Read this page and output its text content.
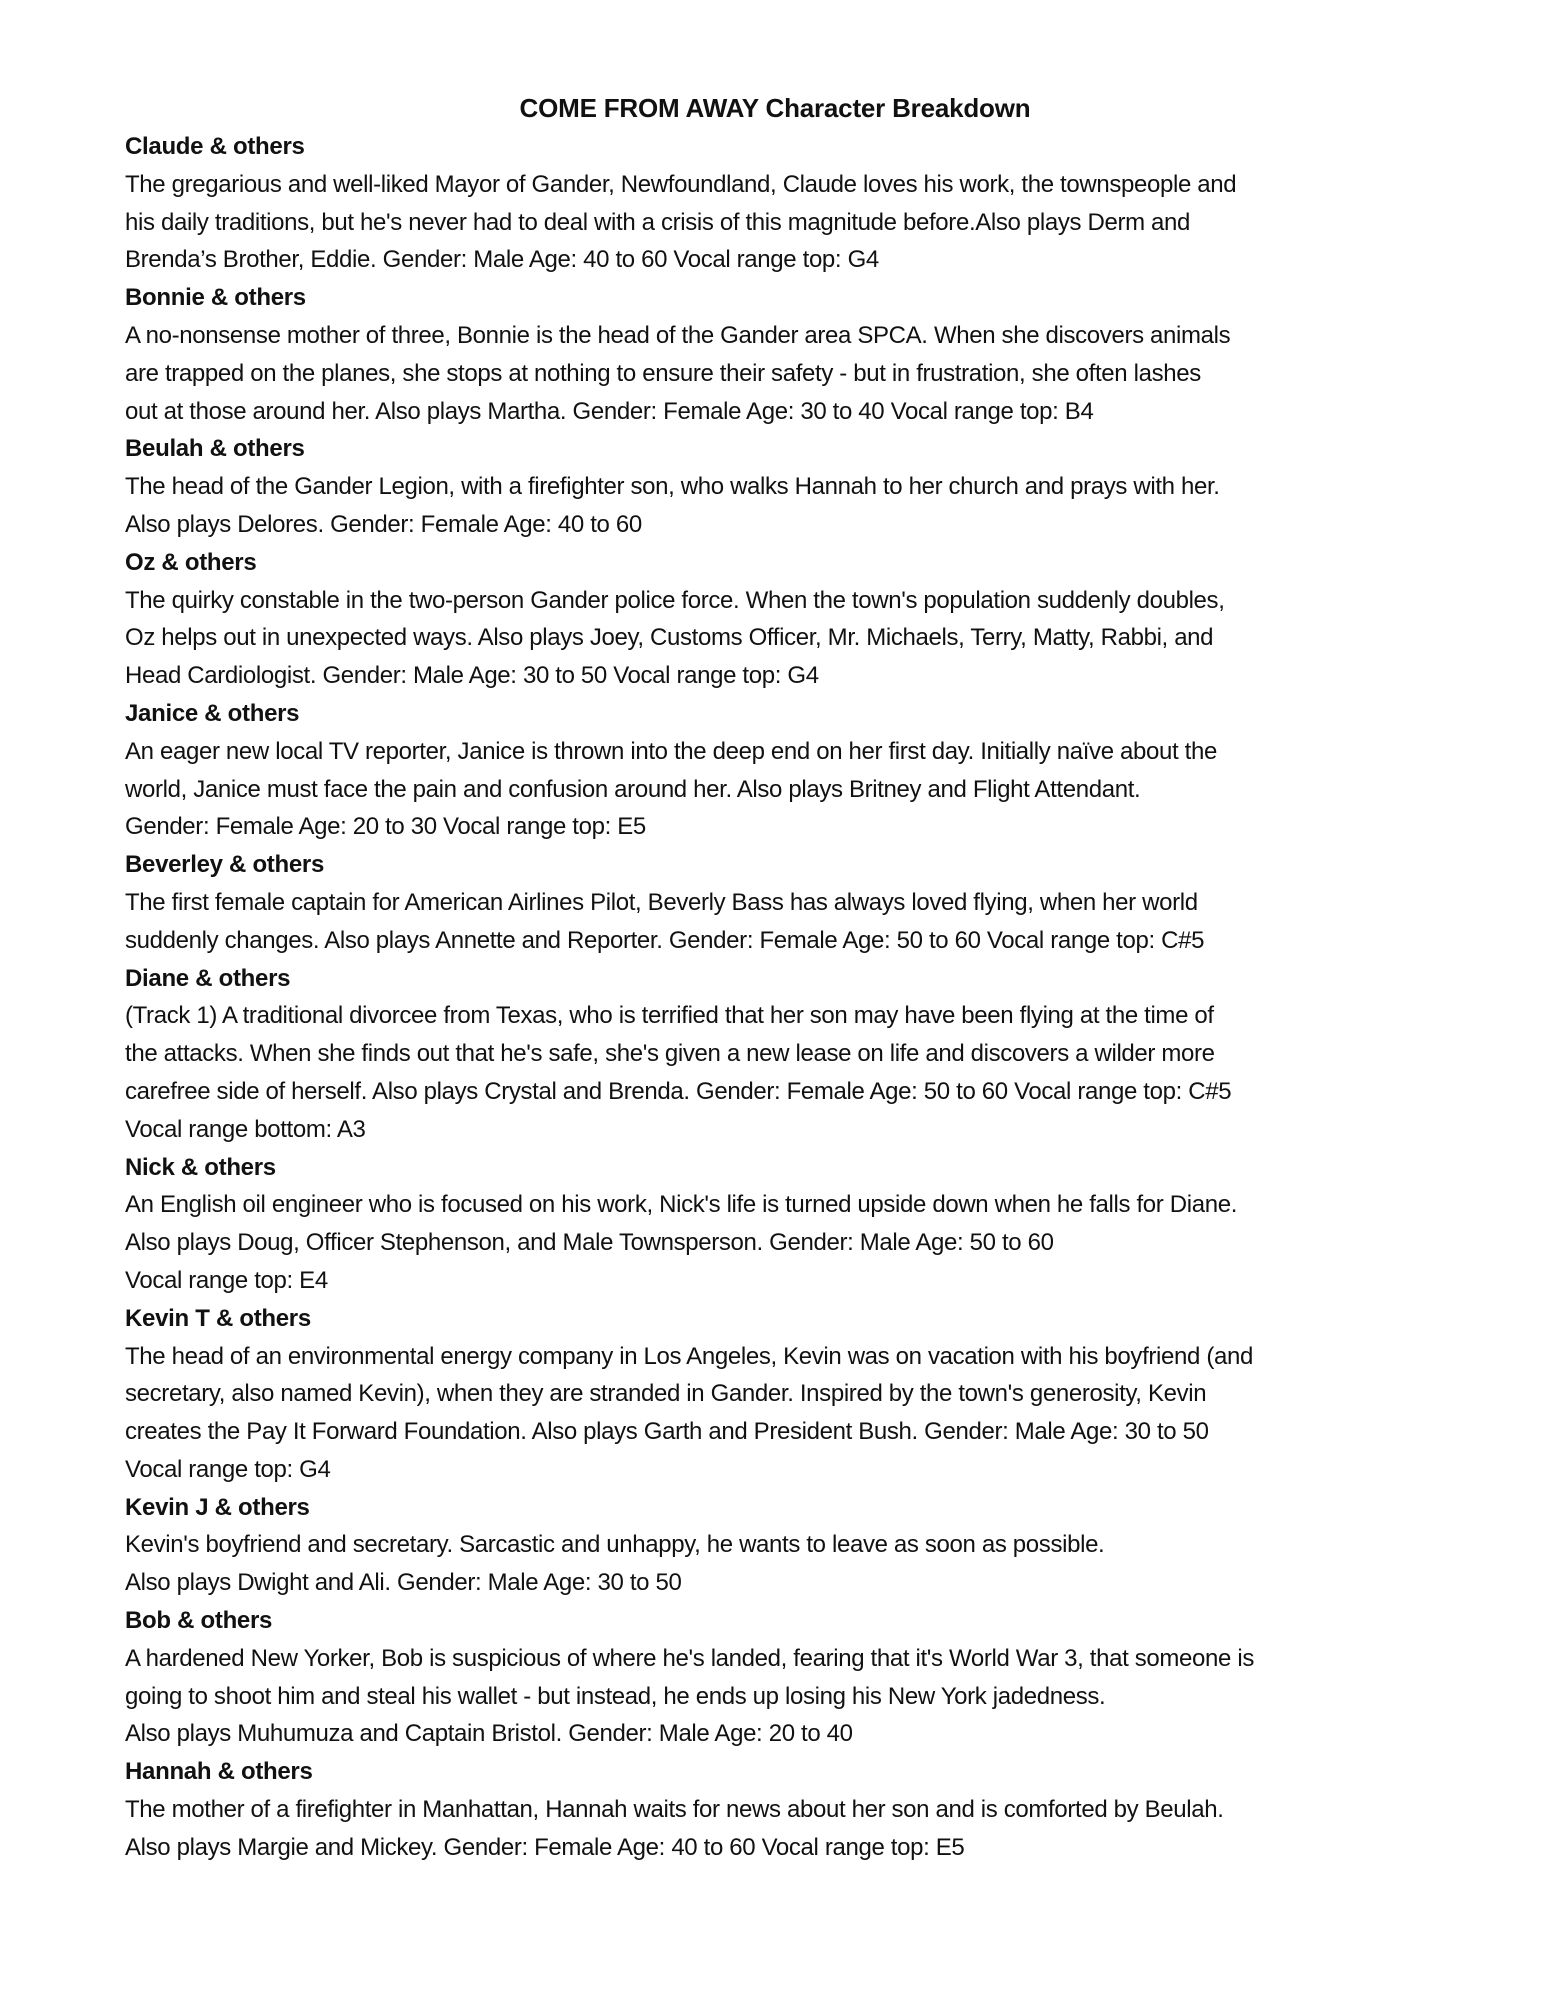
COME FROM AWAY Character Breakdown
Claude & others

The gregarious and well-liked Mayor of Gander, Newfoundland, Claude loves his work, the townspeople and
his daily traditions, but he's never had to deal with a crisis of this magnitude before.Also plays Derm and
Brenda’s Brother, Eddie. Gender: Male Age: 40 to 60 Vocal range top: G4

Bonnie & others

A no-nonsense mother of three, Bonnie is the head of the Gander area SPCA. When she discovers animals
are trapped on the planes, she stops at nothing to ensure their safety - but in frustration, she often lashes
out at those around her. Also plays Martha. Gender: Female Age: 30 to 40 Vocal range top: B4

Beulah & others

The head of the Gander Legion, with a firefighter son, who walks Hannah to her church and prays with her.
Also plays Delores. Gender: Female Age: 40 to 60

Oz & others

The quirky constable in the two-person Gander police force. When the town's population suddenly doubles,
Oz helps out in unexpected ways. Also plays Joey, Customs Officer, Mr. Michaels, Terry, Matty, Rabbi, and
Head Cardiologist. Gender: Male Age: 30 to 50 Vocal range top: G4

Janice & others

An eager new local TV reporter, Janice is thrown into the deep end on her first day. Initially naïve about the
world, Janice must face the pain and confusion around her. Also plays Britney and Flight Attendant.
Gender: Female Age: 20 to 30 Vocal range top: E5

Beverley & others

The first female captain for American Airlines Pilot, Beverly Bass has always loved flying, when her world
suddenly changes. Also plays Annette and Reporter. Gender: Female Age: 50 to 60 Vocal range top: C#5

Diane & others

(Track 1) A traditional divorcee from Texas, who is terrified that her son may have been flying at the time of
the attacks. When she finds out that he's safe, she's given a new lease on life and discovers a wilder more
carefree side of herself. Also plays Crystal and Brenda. Gender: Female Age: 50 to 60 Vocal range top: C#5
Vocal range bottom: A3

Nick & others

An English oil engineer who is focused on his work, Nick's life is turned upside down when he falls for Diane.
Also plays Doug, Officer Stephenson, and Male Townsperson. Gender: Male Age: 50 to 60
Vocal range top: E4

Kevin T & others

The head of an environmental energy company in Los Angeles, Kevin was on vacation with his boyfriend (and
secretary, also named Kevin), when they are stranded in Gander. Inspired by the town's generosity, Kevin
creates the Pay It Forward Foundation. Also plays Garth and President Bush. Gender: Male Age: 30 to 50
Vocal range top: G4

Kevin J & others

Kevin's boyfriend and secretary. Sarcastic and unhappy, he wants to leave as soon as possible.
Also plays Dwight and Ali. Gender: Male Age: 30 to 50

Bob & others

A hardened New Yorker, Bob is suspicious of where he's landed, fearing that it's World War 3, that someone is
going to shoot him and steal his wallet - but instead, he ends up losing his New York jadedness.
Also plays Muhumuza and Captain Bristol. Gender: Male Age: 20 to 40

Hannah & others

The mother of a firefighter in Manhattan, Hannah waits for news about her son and is comforted by Beulah.
Also plays Margie and Mickey. Gender: Female Age: 40 to 60 Vocal range top: E5
